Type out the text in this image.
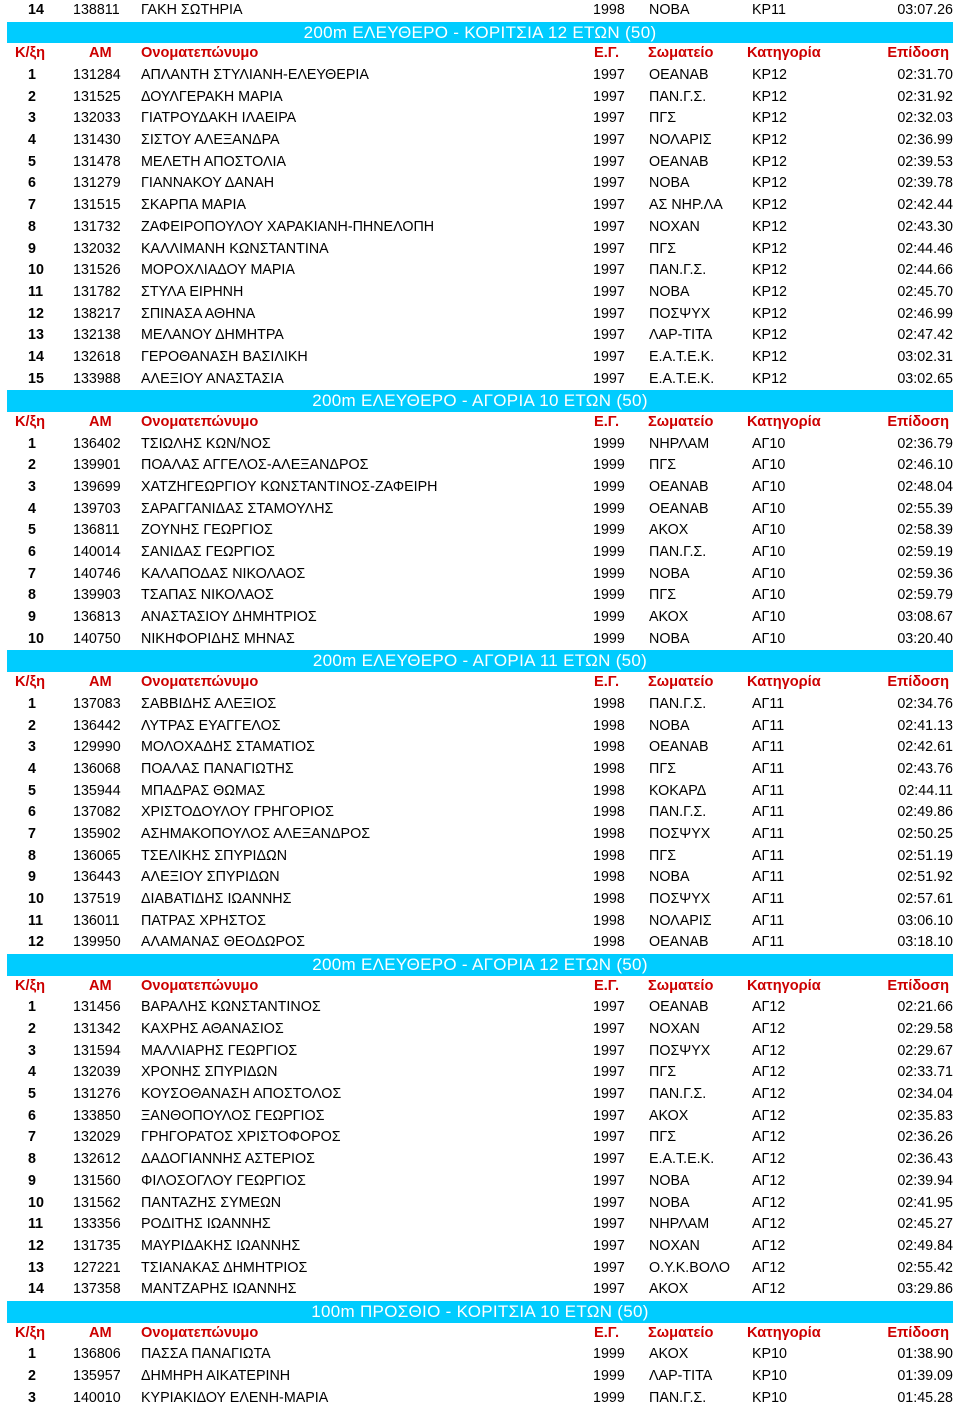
14 138811 ΓΑΚΗ ΣΩΤΗΡΙΑ	1998 ΝΟΒΑ	ΚΡ11	03:07.26
200m ΕΛΕΥΘΕΡΟ - ΚΟΡΙΤΣΙΑ 12 ΕΤΩΝ (50)
Κ/ξη	ΑΜ Ονοματεπώνυμο	Ε.Γ. Σωματείο Κατηγορία	Επίδοση
1	131284 ΑΠΛΑΝΤΗ ΣΤΥΛΙΑΝΗ-ΕΛΕΥΘΕΡΙΑ	1997 ΟΕΑΝΑΒ	ΚΡ12	02:31.70
2	131525 ΔΟΥΛΓΕΡΑΚΗ ΜΑΡΙΑ	1997 ΠΑΝ.Γ.Σ.	ΚΡ12	02:31.92
3	132033 ΓΙΑΤΡΟΥΔΑΚΗ ΙΛΑΕΙΡΑ	1997 ΠΓΣ	ΚΡ12	02:32.03
4	131430 ΣΙΣΤΟΥ ΑΛΕΞΑΝΔΡΑ	1997 ΝΟΛΑΡΙΣ	ΚΡ12	02:36.99
5	131478 ΜΕΛΕΤΗ ΑΠΟΣΤΟΛΙΑ	1997 ΟΕΑΝΑΒ	ΚΡ12	02:39.53
6	131279 ΓΙΑΝΝΑΚΟΥ ΔΑΝΑΗ	1997 ΝΟΒΑ	ΚΡ12	02:39.78
7	131515 ΣΚΑΡΠΑ ΜΑΡΙΑ	1997 ΑΣ ΝΗΡ.ΛΑ ΚΡ12	02:42.44
8	131732 ΖΑΦΕΙΡΟΠΟΥΛΟΥ ΧΑΡΑΚΙΑΝΗ-ΠΗΝΕΛΟΠΗ	1997 ΝΟΧΑΝ	ΚΡ12	02:43.30
9	132032 ΚΑΛΛΙΜΑΝΗ ΚΩΝΣΤΑΝΤΙΝΑ	1997 ΠΓΣ	ΚΡ12	02:44.46
10 131526 ΜΟΡΟΧΛΙΑΔΟΥ ΜΑΡΙΑ	1997 ΠΑΝ.Γ.Σ.	ΚΡ12	02:44.66
11	131782 ΣΤΥΛΑ ΕΙΡΗΝΗ	1997 ΝΟΒΑ	ΚΡ12	02:45.70
12 138217 ΣΠΙΝΑΣΑ ΑΘΗΝΑ	1997 ΠΟΣΨΥΧ	ΚΡ12	02:46.99
13 132138 ΜΕΛΑΝΟΥ ΔΗΜΗΤΡΑ	1997 ΛΑΡ-ΤΙΤΑ	ΚΡ12	02:47.42
14 132618 ΓΕΡΟΘΑΝΑΣΗ ΒΑΣΙΛΙΚΗ	1997 Ε.Α.Τ.Ε.Κ.	ΚΡ12	03:02.31
15 133988 ΑΛΕΞΙΟΥ ΑΝΑΣΤΑΣΙΑ	1997 Ε.Α.Τ.Ε.Κ.	ΚΡ12	03:02.65
200m ΕΛΕΥΘΕΡΟ - ΑΓΟΡΙΑ 10 ΕΤΩΝ (50)
Κ/ξη	ΑΜ Ονοματεπώνυμο	Ε.Γ. Σωματείο Κατηγορία	Επίδοση
1	136402 ΤΣΙΩΛΗΣ ΚΩΝ/ΝΟΣ	1999 ΝΗΡΛΑΜ	ΑΓ10	02:36.79
2	139901 ΠΟΑΛΑΣ ΑΓΓΕΛΟΣ-ΑΛΕΞΑΝΔΡΟΣ	1999 ΠΓΣ	ΑΓ10	02:46.10
3	139699 ΧΑΤΖΗΓΕΩΡΓΙΟΥ ΚΩΝΣΤΑΝΤΙΝΟΣ-ΖΑΦΕΙΡΗ	1999 ΟΕΑΝΑΒ	ΑΓ10	02:48.04
4	139703 ΣΑΡΑΓΓΑΝΙΔΑΣ ΣΤΑΜΟΥΛΗΣ	1999 ΟΕΑΝΑΒ	ΑΓ10	02:55.39
5	136811 ΖΟΥΝΗΣ ΓΕΩΡΓΙΟΣ	1999 ΑΚΟΧ	ΑΓ10	02:58.39
6	140014 ΣΑΝΙΔΑΣ ΓΕΩΡΓΙΟΣ	1999 ΠΑΝ.Γ.Σ.	ΑΓ10	02:59.19
7	140746 ΚΑΛΑΠΟΔΑΣ ΝΙΚΟΛΑΟΣ	1999 ΝΟΒΑ	ΑΓ10	02:59.36
8	139903 ΤΣΑΠΑΣ ΝΙΚΟΛΑΟΣ	1999 ΠΓΣ	ΑΓ10	02:59.79
9	136813 ΑΝΑΣΤΑΣΙΟΥ ΔΗΜΗΤΡΙΟΣ	1999 ΑΚΟΧ	ΑΓ10	03:08.67
10 140750 ΝΙΚΗΦΟΡΙΔΗΣ ΜΗΝΑΣ	1999 ΝΟΒΑ	ΑΓ10	03:20.40
200m ΕΛΕΥΘΕΡΟ - ΑΓΟΡΙΑ 11 ΕΤΩΝ (50)
Κ/ξη	ΑΜ Ονοματεπώνυμο	Ε.Γ. Σωματείο Κατηγορία	Επίδοση
1	137083 ΣΑΒΒΙΔΗΣ ΑΛΕΞΙΟΣ	1998 ΠΑΝ.Γ.Σ.	ΑΓ11	02:34.76
2	136442 ΛΥΤΡΑΣ ΕΥΑΓΓΕΛΟΣ	1998 ΝΟΒΑ	ΑΓ11	02:41.13
3	129990 ΜΟΛΟΧΑΔΗΣ ΣΤΑΜΑΤΙΟΣ	1998 ΟΕΑΝΑΒ	ΑΓ11	02:42.61
4	136068 ΠΟΑΛΑΣ ΠΑΝΑΓΙΩΤΗΣ	1998 ΠΓΣ	ΑΓ11	02:43.76
5	135944 ΜΠΑΔΡΑΣ ΘΩΜΑΣ	1998 ΚΟΚΑΡΔ	ΑΓ11	02:44.11
6	137082 ΧΡΙΣΤΟΔΟΥΛΟΥ ΓΡΗΓΟΡΙΟΣ	1998 ΠΑΝ.Γ.Σ.	ΑΓ11	02:49.86
7	135902 ΑΣΗΜΑΚΟΠΟΥΛΟΣ ΑΛΕΞΑΝΔΡΟΣ	1998 ΠΟΣΨΥΧ	ΑΓ11	02:50.25
8	136065 ΤΣΕΛΙΚΗΣ ΣΠΥΡΙΔΩΝ	1998 ΠΓΣ	ΑΓ11	02:51.19
9	136443 ΑΛΕΞΙΟΥ ΣΠΥΡΙΔΩΝ	1998 ΝΟΒΑ	ΑΓ11	02:51.92
10 137519 ΔΙΑΒΑΤΙΔΗΣ ΙΩΑΝΝΗΣ	1998 ΠΟΣΨΥΧ	ΑΓ11	02:57.61
11	136011 ΠΑΤΡΑΣ ΧΡΗΣΤΟΣ	1998 ΝΟΛΑΡΙΣ	ΑΓ11	03:06.10
12 139950 ΑΛΑΜΑΝΑΣ ΘΕΟΔΩΡΟΣ	1998 ΟΕΑΝΑΒ	ΑΓ11	03:18.10
200m ΕΛΕΥΘΕΡΟ - ΑΓΟΡΙΑ 12 ΕΤΩΝ (50)
Κ/ξη	ΑΜ Ονοματεπώνυμο	Ε.Γ. Σωματείο Κατηγορία	Επίδοση
1	131456 ΒΑΡΑΛΗΣ ΚΩΝΣΤΑΝΤΙΝΟΣ	1997 ΟΕΑΝΑΒ	ΑΓ12	02:21.66
2	131342 ΚΑΧΡΗΣ ΑΘΑΝΑΣΙΟΣ	1997 ΝΟΧΑΝ	ΑΓ12	02:29.58
3	131594 ΜΑΛΛΙΑΡΗΣ ΓΕΩΡΓΙΟΣ	1997 ΠΟΣΨΥΧ	ΑΓ12	02:29.67
4	132039 ΧΡΟΝΗΣ ΣΠΥΡΙΔΩΝ	1997 ΠΓΣ	ΑΓ12	02:33.71
5	131276 ΚΟΥΣΟΘΑΝΑΣΗ ΑΠΟΣΤΟΛΟΣ	1997 ΠΑΝ.Γ.Σ.	ΑΓ12	02:34.04
6	133850 ΞΑΝΘΟΠΟΥΛΟΣ ΓΕΩΡΓΙΟΣ	1997 ΑΚΟΧ	ΑΓ12	02:35.83
7	132029 ΓΡΗΓΟΡΑΤΟΣ ΧΡΙΣΤΟΦΟΡΟΣ	1997 ΠΓΣ	ΑΓ12	02:36.26
8	132612 ΔΑΔΟΓΙΑΝΝΗΣ ΑΣΤΕΡΙΟΣ	1997 Ε.Α.Τ.Ε.Κ.	ΑΓ12	02:36.43
9	131560 ΦΙΛΟΣΟΓΛΟΥ ΓΕΩΡΓΙΟΣ	1997 ΝΟΒΑ	ΑΓ12	02:39.94
10 131562 ΠΑΝΤΑΖΗΣ ΣΥΜΕΩΝ	1997 ΝΟΒΑ	ΑΓ12	02:41.95
11	133356 ΡΟΔΙΤΗΣ ΙΩΑΝΝΗΣ	1997 ΝΗΡΛΑΜ	ΑΓ12	02:45.27
12 131735 ΜΑΥΡΙΔΑΚΗΣ ΙΩΑΝΝΗΣ	1997 ΝΟΧΑΝ	ΑΓ12	02:49.84
13 127221 ΤΣΙΑΝΑΚΑΣ ΔΗΜΗΤΡΙΟΣ	1997 Ο.Υ.Κ.ΒΟΛΟ ΑΓ12	02:55.42
14 137358 ΜΑΝΤΖΑΡΗΣ ΙΩΑΝΝΗΣ	1997 ΑΚΟΧ	ΑΓ12	03:29.86
100m ΠΡΟΣΘΙΟ - ΚΟΡΙΤΣΙΑ 10 ΕΤΩΝ (50)
Κ/ξη	ΑΜ Ονοματεπώνυμο	Ε.Γ. Σωματείο Κατηγορία	Επίδοση
1	136806 ΠΑΣΣΑ ΠΑΝΑΓΙΩΤΑ	1999 ΑΚΟΧ	ΚΡ10	01:38.90
2	135957 ΔΗΜΗΡΗ ΑΙΚΑΤΕΡΙΝΗ	1999 ΛΑΡ-ΤΙΤΑ	ΚΡ10	01:39.09
3	140010 ΚΥΡΙΑΚΙΔΟΥ ΕΛΕΝΗ-ΜΑΡΙΑ	1999 ΠΑΝ.Γ.Σ.	ΚΡ10	01:45.28
